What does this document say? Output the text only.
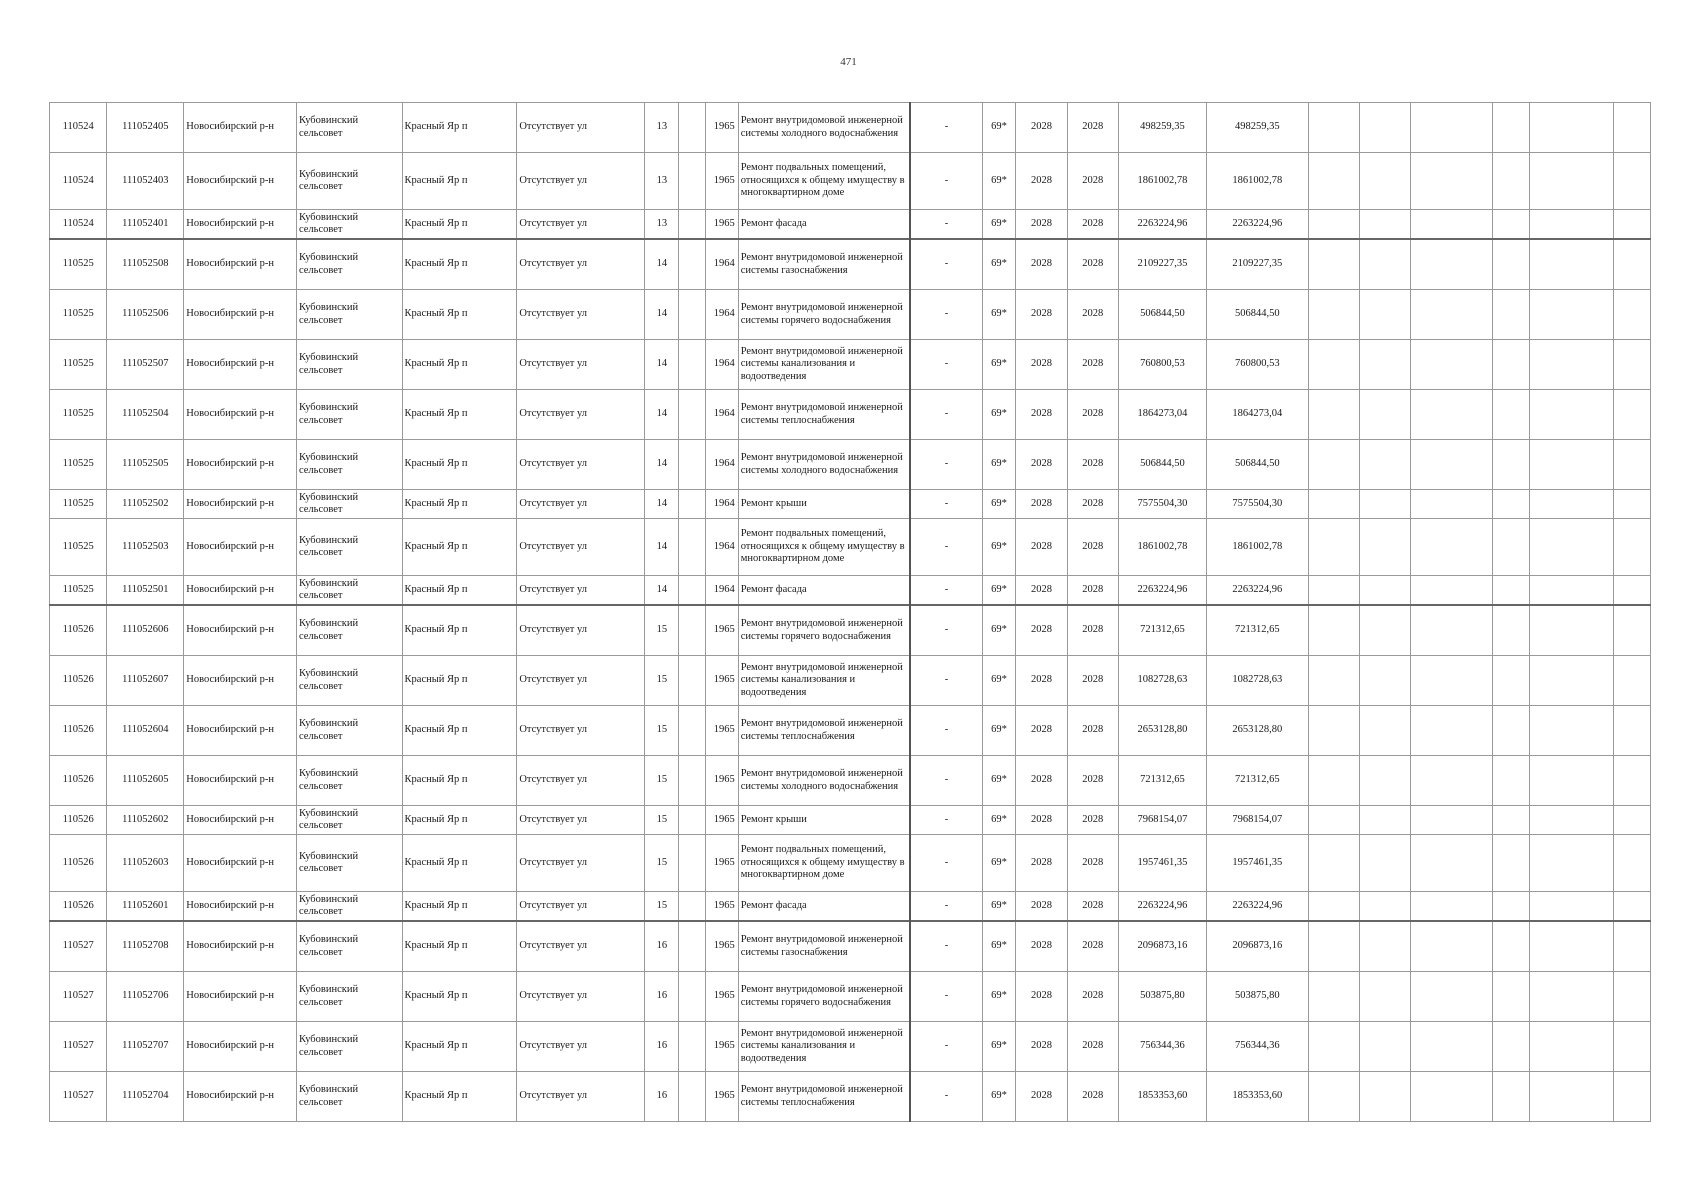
471
110524	111052405	Новосибирский р-н	Кубовинский сельсовет	Красный Яр п	Отсутствует ул	13		1965	Ремонт внутридомовой инженерной системы холодного водоснабжения	-	69*	2028	2028	498259,35	498259,35						
110524	111052403	Новосибирский р-н	Кубовинский сельсовет	Красный Яр п	Отсутствует ул	13		1965	Ремонт подвальных помещений, относящихся к общему имуществу в многоквартирном доме	-	69*	2028	2028	1861002,78	1861002,78						
110524	111052401	Новосибирский р-н	Кубовинский сельсовет	Красный Яр п	Отсутствует ул	13		1965	Ремонт фасада	-	69*	2028	2028	2263224,96	2263224,96						
110525	111052508	Новосибирский р-н	Кубовинский сельсовет	Красный Яр п	Отсутствует ул	14		1964	Ремонт внутридомовой инженерной системы газоснабжения	-	69*	2028	2028	2109227,35	2109227,35						
110525	111052506	Новосибирский р-н	Кубовинский сельсовет	Красный Яр п	Отсутствует ул	14		1964	Ремонт внутридомовой инженерной системы горячего водоснабжения	-	69*	2028	2028	506844,50	506844,50						
110525	111052507	Новосибирский р-н	Кубовинский сельсовет	Красный Яр п	Отсутствует ул	14		1964	Ремонт внутридомовой инженерной системы канализования и водоотведения	-	69*	2028	2028	760800,53	760800,53						
110525	111052504	Новосибирский р-н	Кубовинский сельсовет	Красный Яр п	Отсутствует ул	14		1964	Ремонт внутридомовой инженерной системы теплоснабжения	-	69*	2028	2028	1864273,04	1864273,04						
110525	111052505	Новосибирский р-н	Кубовинский сельсовет	Красный Яр п	Отсутствует ул	14		1964	Ремонт внутридомовой инженерной системы холодного водоснабжения	-	69*	2028	2028	506844,50	506844,50						
110525	111052502	Новосибирский р-н	Кубовинский сельсовет	Красный Яр п	Отсутствует ул	14		1964	Ремонт крыши	-	69*	2028	2028	7575504,30	7575504,30						
110525	111052503	Новосибирский р-н	Кубовинский сельсовет	Красный Яр п	Отсутствует ул	14		1964	Ремонт подвальных помещений, относящихся к общему имуществу в многоквартирном доме	-	69*	2028	2028	1861002,78	1861002,78						
110525	111052501	Новосибирский р-н	Кубовинский сельсовет	Красный Яр п	Отсутствует ул	14		1964	Ремонт фасада	-	69*	2028	2028	2263224,96	2263224,96						
110526	111052606	Новосибирский р-н	Кубовинский сельсовет	Красный Яр п	Отсутствует ул	15		1965	Ремонт внутридомовой инженерной системы горячего водоснабжения	-	69*	2028	2028	721312,65	721312,65						
110526	111052607	Новосибирский р-н	Кубовинский сельсовет	Красный Яр п	Отсутствует ул	15		1965	Ремонт внутридомовой инженерной системы канализования и водоотведения	-	69*	2028	2028	1082728,63	1082728,63						
110526	111052604	Новосибирский р-н	Кубовинский сельсовет	Красный Яр п	Отсутствует ул	15		1965	Ремонт внутридомовой инженерной системы теплоснабжения	-	69*	2028	2028	2653128,80	2653128,80						
110526	111052605	Новосибирский р-н	Кубовинский сельсовет	Красный Яр п	Отсутствует ул	15		1965	Ремонт внутридомовой инженерной системы холодного водоснабжения	-	69*	2028	2028	721312,65	721312,65						
110526	111052602	Новосибирский р-н	Кубовинский сельсовет	Красный Яр п	Отсутствует ул	15		1965	Ремонт крыши	-	69*	2028	2028	7968154,07	7968154,07						
110526	111052603	Новосибирский р-н	Кубовинский сельсовет	Красный Яр п	Отсутствует ул	15		1965	Ремонт подвальных помещений, относящихся к общему имуществу в многоквартирном доме	-	69*	2028	2028	1957461,35	1957461,35						
110526	111052601	Новосибирский р-н	Кубовинский сельсовет	Красный Яр п	Отсутствует ул	15		1965	Ремонт фасада	-	69*	2028	2028	2263224,96	2263224,96						
110527	111052708	Новосибирский р-н	Кубовинский сельсовет	Красный Яр п	Отсутствует ул	16		1965	Ремонт внутридомовой инженерной системы газоснабжения	-	69*	2028	2028	2096873,16	2096873,16						
110527	111052706	Новосибирский р-н	Кубовинский сельсовет	Красный Яр п	Отсутствует ул	16		1965	Ремонт внутридомовой инженерной системы горячего водоснабжения	-	69*	2028	2028	503875,80	503875,80						
110527	111052707	Новосибирский р-н	Кубовинский сельсовет	Красный Яр п	Отсутствует ул	16		1965	Ремонт внутридомовой инженерной системы канализования и водоотведения	-	69*	2028	2028	756344,36	756344,36						
110527	111052704	Новосибирский р-н	Кубовинский сельсовет	Красный Яр п	Отсутствует ул	16		1965	Ремонт внутридомовой инженерной системы теплоснабжения	-	69*	2028	2028	1853353,60	1853353,60						
